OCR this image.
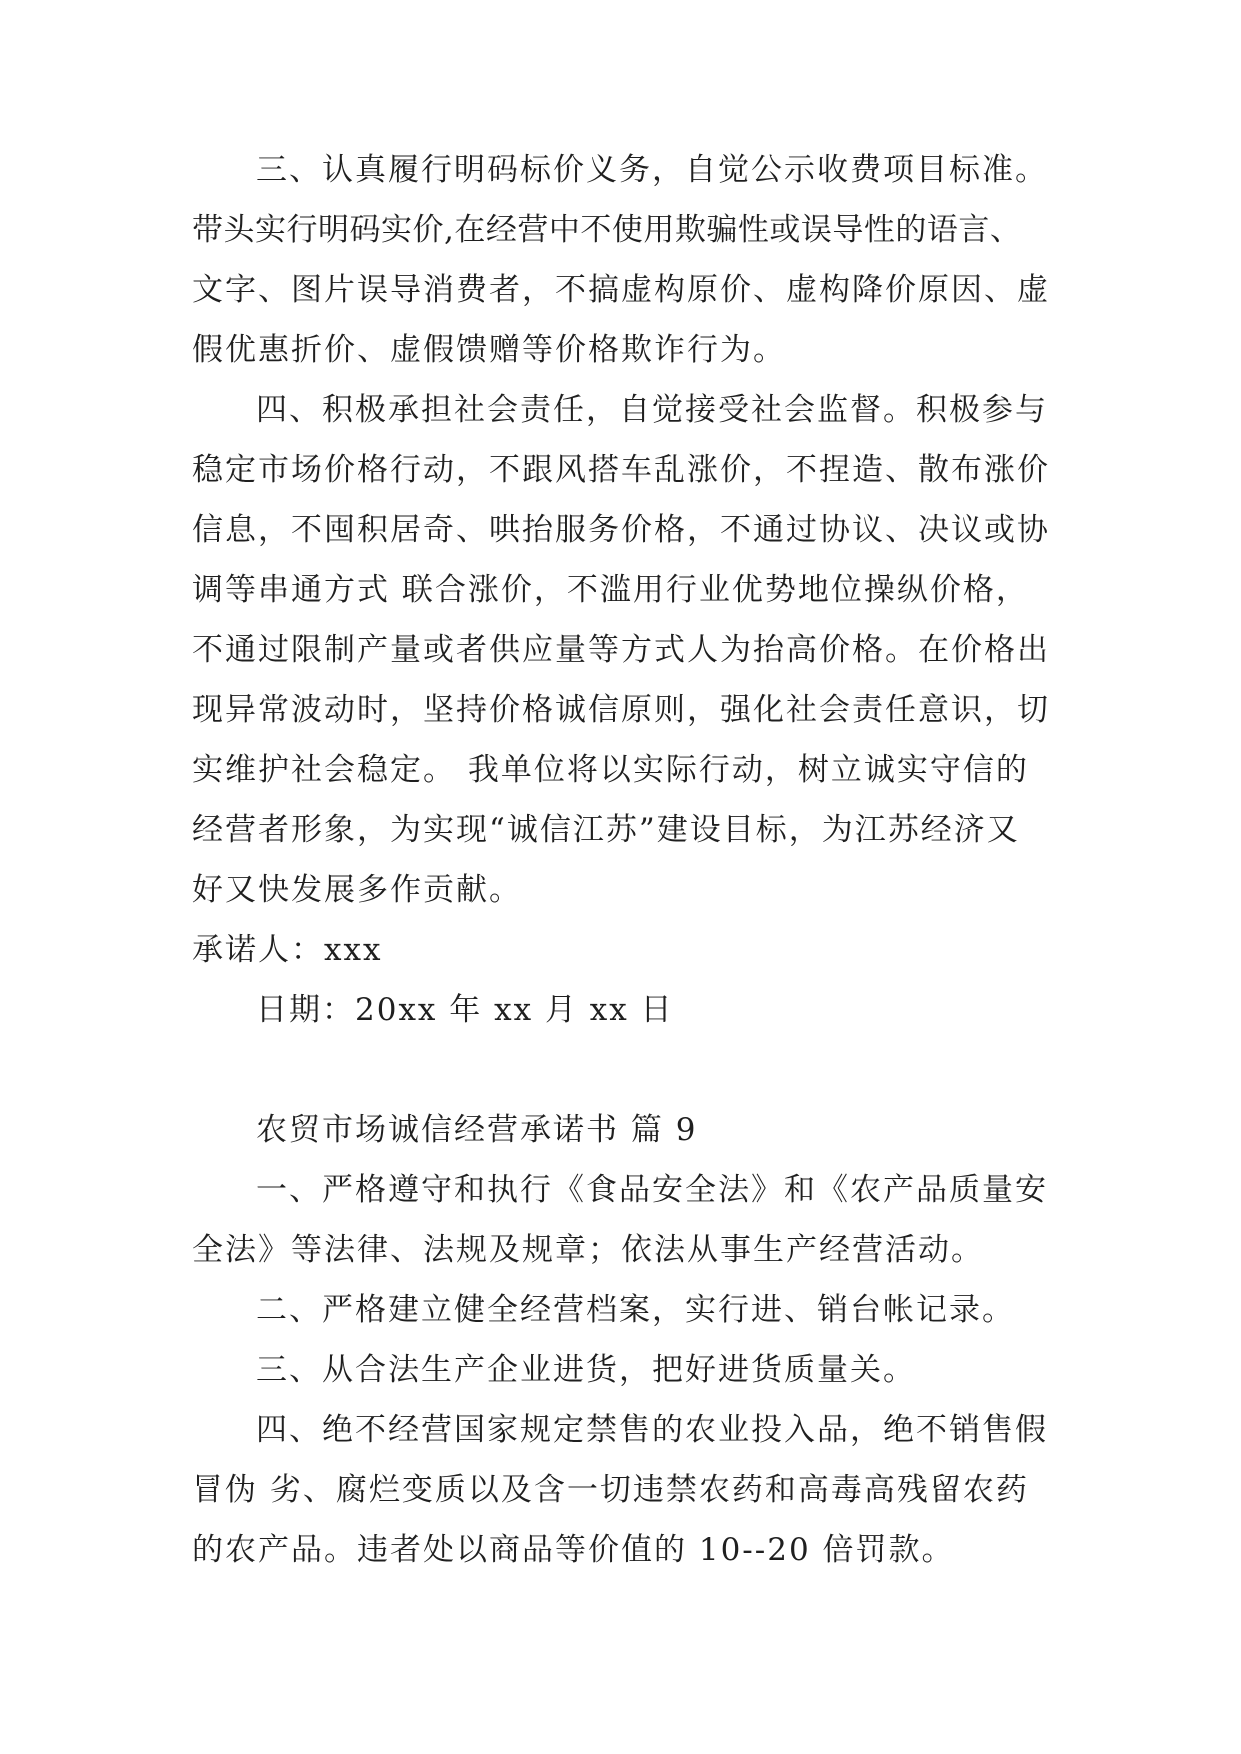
三、认真履行明码标价义务，自觉公示收费项目标准。
带头实行明码实价,在经营中不使用欺骗性或误导性的语言、
文字、图片误导消费者，不搞虚构原价、虚构降价原因、虚
假优惠折价、虚假馈赠等价格欺诈行为。
四、积极承担社会责任，自觉接受社会监督。积极参与
稳定市场价格行动，不跟风搭车乱涨价，不捏造、散布涨价
信息，不囤积居奇、哄抬服务价格，不通过协议、决议或协
调等串通方式 联合涨价，不滥用行业优势地位操纵价格，
不通过限制产量或者供应量等方式人为抬高价格。在价格出
现异常波动时，坚持价格诚信原则，强化社会责任意识，切
实维护社会稳定。 我单位将以实际行动，树立诚实守信的
经营者形象，为实现“诚信江苏”建设目标，为江苏经济又
好又快发展多作贡献。
承诺人：xxx
日期：20xx 年 xx 月 xx 日
农贸市场诚信经营承诺书 篇 9
一、严格遵守和执行《食品安全法》和《农产品质量安
全法》等法律、法规及规章；依法从事生产经营活动。
二、严格建立健全经营档案，实行进、销台帐记录。
三、从合法生产企业进货，把好进货质量关。
四、绝不经营国家规定禁售的农业投入品，绝不销售假
冒伪 劣、腐烂变质以及含一切违禁农药和高毒高残留农药
的农产品。违者处以商品等价值的 10--20 倍罚款。
